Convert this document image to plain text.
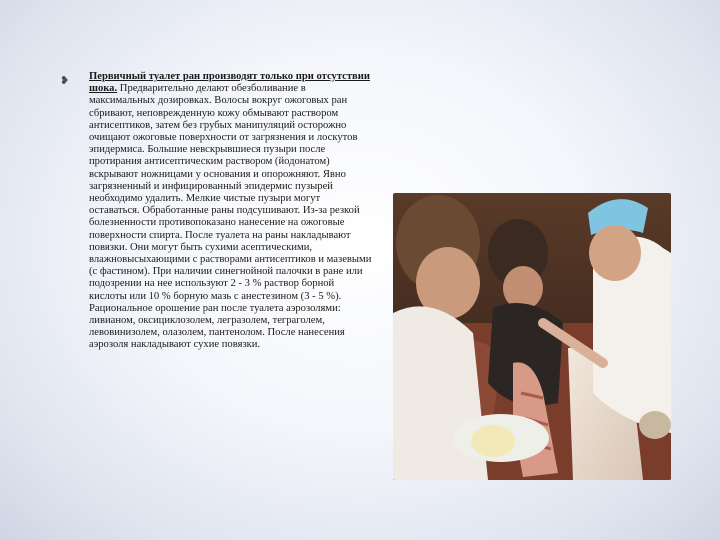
❥ Первичный туалет ран производят только при отсутствии шока. Предварительно делают обезболивание в максимальных дозировках. Волосы вокруг ожоговых ран сбривают, неповрежденную кожу обмывают раствором антисептиков, затем без грубых манипуляций осторожно очищают ожоговые поверхности от загрязнения и лоскутов эпидермиса. Большие невскрывшиеся пузыри после протирания антисептическим раствором (йодонатом) вскрывают ножницами у основания и опорожняют. Явно загрязненный и инфицированный эпидермис пузырей необходимо удалить. Мелкие чистые пузыри могут оставаться. Обработанные раны подсушивают. Из-за резкой болезненности противопоказано нанесение на ожоговые поверхности спирта. После туалета на раны накладывают повязки. Они могут быть сухими асептическими, влажновысыхающими с растворами антисептиков и мазевыми (с фастином). При наличии синегнойной палочки в ране или подозрении на нее используют 2 - 3 % раствор борной кислоты или 10 % борную мазь с анестезином (3 - 5 %). Рациональное орошение ран после туалета аэрозолями: ливианом, оксициклозолем, легразолем, теграголем, левовинизолем, олазолем, пантенолом. После нанесения аэрозоля накладывают сухие повязки.
